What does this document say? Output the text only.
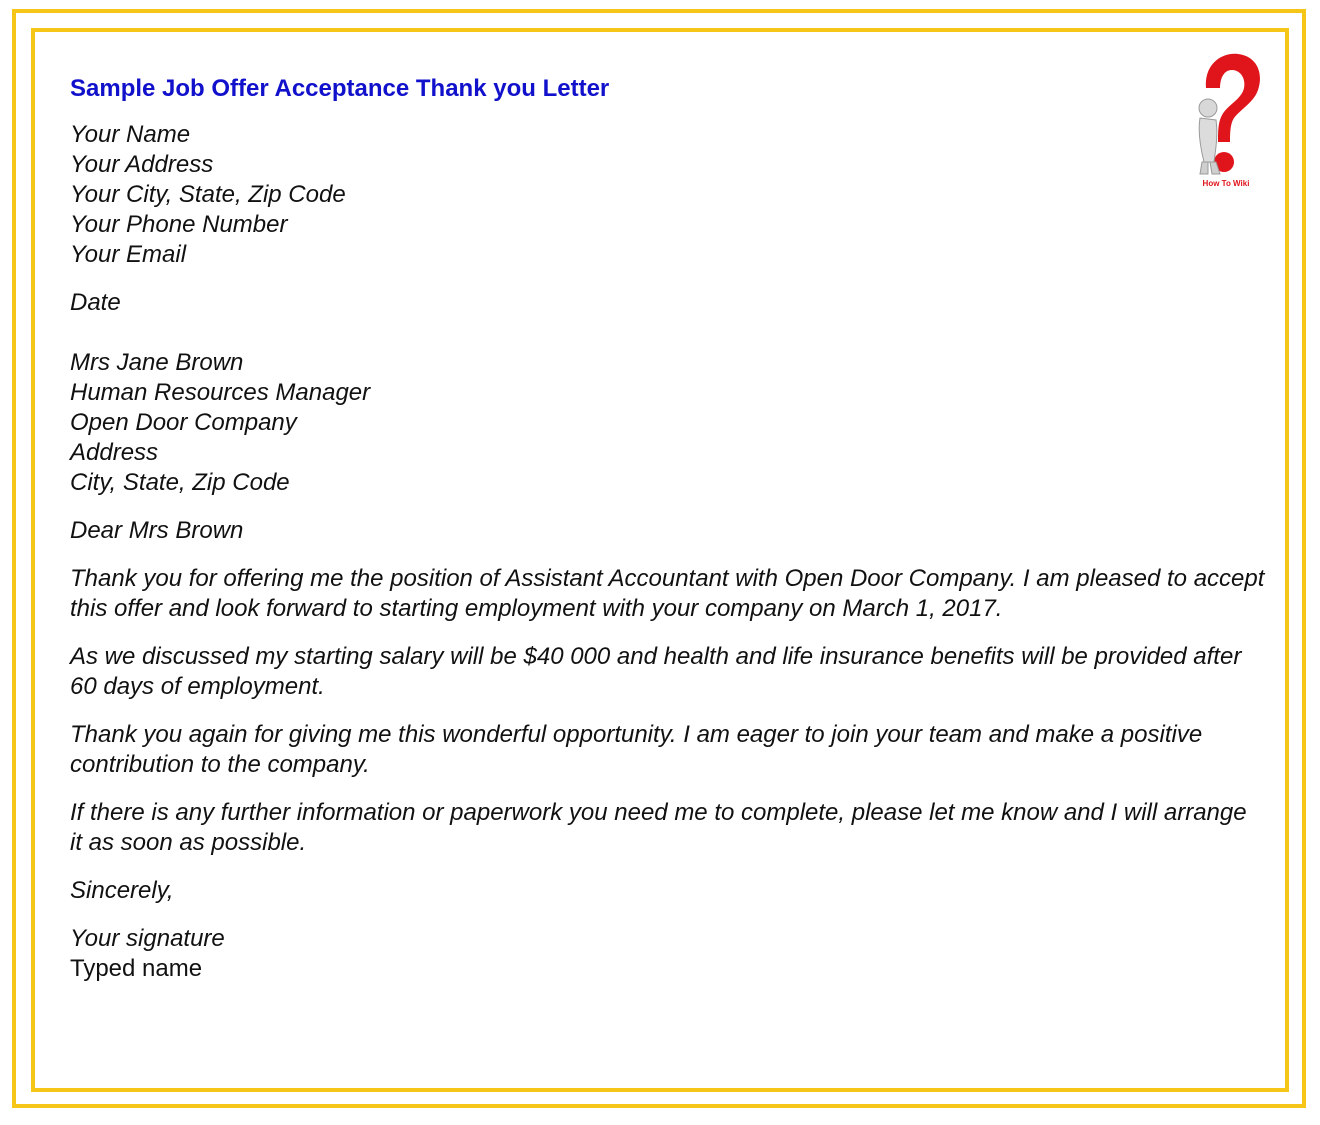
Sample Job Offer Acceptance Thank you Letter
Your Name
Your Address
Your City, State, Zip Code
Your Phone Number
Your Email
Date
Mrs Jane Brown
Human Resources Manager
Open Door Company
Address
City, State, Zip Code
Dear Mrs Brown

Thank you for offering me the position of Assistant Accountant with Open Door Company. I am pleased to accept this offer and look forward to starting employment with your company on March 1, 2017.

As we discussed my starting salary will be $40 000 and health and life insurance benefits will be provided after 60 days of employment.

Thank you again for giving me this wonderful opportunity. I am eager to join your team and make a positive contribution to the company.

If there is any further information or paperwork you need me to complete, please let me know and I will arrange it as soon as possible.

Sincerely,
Your signature
Typed name
How To Wiki
